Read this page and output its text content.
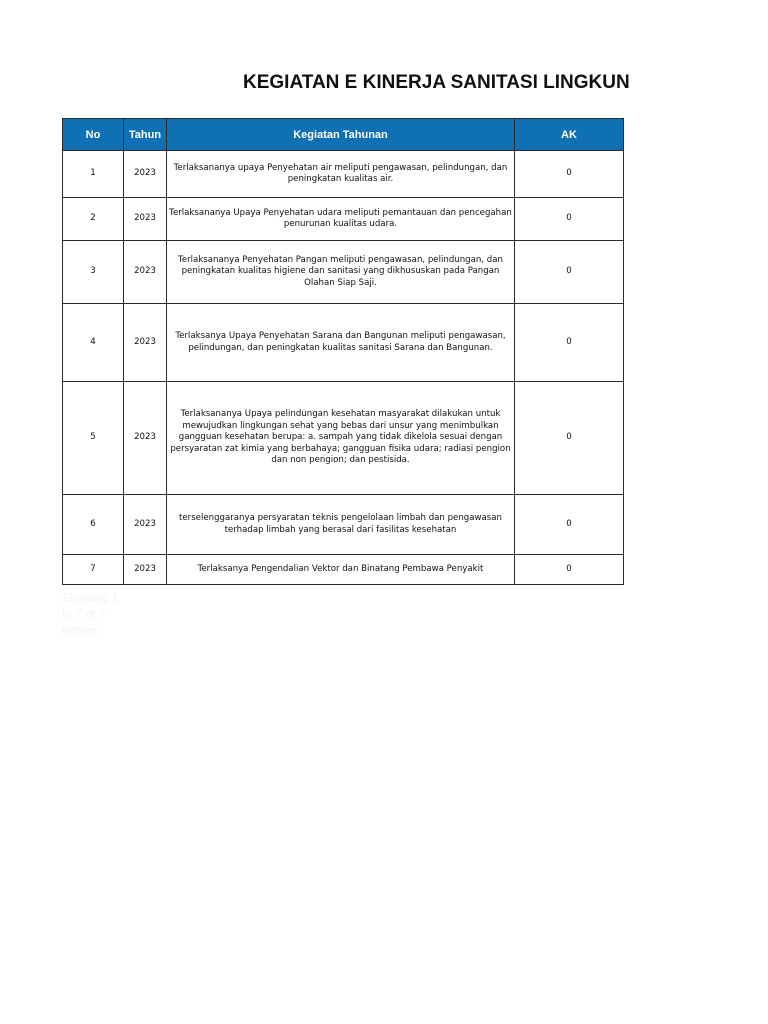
KEGIATAN E KINERJA SANITASI LINGKUN
No	Tahun	Kegiatan Tahunan	AK
1	2023	Terlaksananya upaya Penyehatan air meliputi pengawasan, pelindungan, dan peningkatan kualitas air.	0
2	2023	Terlaksananya Upaya Penyehatan udara meliputi pemantauan dan pencegahan penurunan kualitas udara.	0
3	2023	Terlaksananya Penyehatan Pangan meliputi pengawasan, pelindungan, dan peningkatan kualitas higiene dan sanitasi yang dikhususkan pada Pangan Olahan Siap Saji.	0
4	2023	Terlaksanya Upaya Penyehatan Sarana dan Bangunan meliputi pengawasan, pelindungan, dan peningkatan kualitas sanitasi Sarana dan Bangunan.	0
5	2023	Terlaksananya Upaya pelindungan kesehatan masyarakat dilakukan untuk mewujudkan lingkungan sehat yang bebas dari unsur yang menimbulkan gangguan kesehatan berupa: a. sampah yang tidak dikelola sesuai dengan persyaratan zat kimia yang berbahaya; gangguan fisika udara; radiasi pengion dan non pengion; dan pestisida.	0
6	2023	terselenggaranya persyaratan teknis pengelolaan limbah dan pengawasan terhadap limbah yang berasal dari fasilitas kesehatan	0
7	2023	Terlaksanya Pengendalian Vektor dan Binatang Pembawa Penyakit	0
Showing 1 to 7 of 7 entries
